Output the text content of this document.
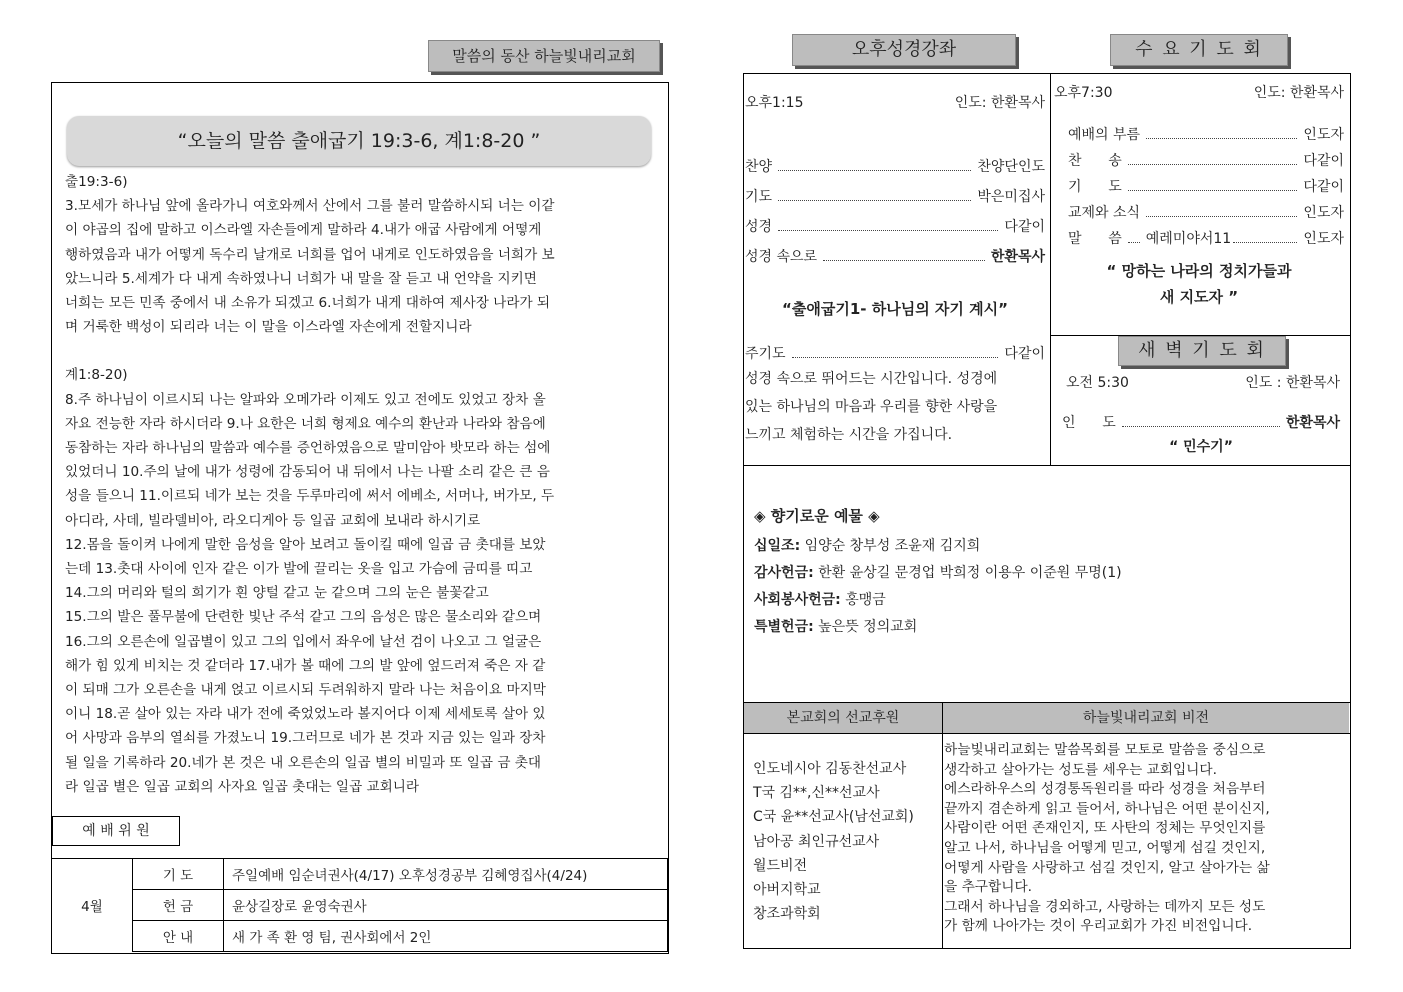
말씀의 동산 하늘빛내리교회
“오늘의 말씀 출애굽기 19:3-6, 계1:8-20 ”

출19:3-6)

3.모세가 하나님 앞에 올라가니 여호와께서 산에서 그를 불러 말씀하시되 너는 이같

이 야곱의 집에 말하고 이스라엘 자손들에게 말하라 4.내가 애굽 사람에게 어떻게

행하였음과 내가 어떻게 독수리 날개로 너희를 업어 내게로 인도하였음을 너희가 보

았느니라 5.세계가 다 내게 속하였나니 너희가 내 말을 잘 듣고 내 언약을 지키면

너희는 모든 민족 중에서 내 소유가 되겠고 6.너희가 내게 대하여 제사장 나라가 되

며 거룩한 백성이 되리라 너는 이 말을 이스라엘 자손에게 전할지니라

계1:8-20)

8.주 하나님이 이르시되 나는 알파와 오메가라 이제도 있고 전에도 있었고 장차 올

자요 전능한 자라 하시더라 9.나 요한은 너희 형제요 예수의 환난과 나라와 참음에

동참하는 자라 하나님의 말씀과 예수를 증언하였음으로 말미암아 밧모라 하는 섬에

있었더니 10.주의 날에 내가 성령에 감동되어 내 뒤에서 나는 나팔 소리 같은 큰 음

성을 들으니 11.이르되 네가 보는 것을 두루마리에 써서 에베소, 서머나, 버가모, 두

아디라, 사데, 빌라델비아, 라오디게아 등 일곱 교회에 보내라 하시기로

12.몸을 돌이켜 나에게 말한 음성을 알아 보려고 돌이킬 때에 일곱 금 촛대를 보았

는데 13.촛대 사이에 인자 같은 이가 발에 끌리는 옷을 입고 가슴에 금띠를 띠고

14.그의 머리와 털의 희기가 흰 양털 같고 눈 같으며 그의 눈은 불꽃같고

15.그의 발은 풀무불에 단련한 빛난 주석 같고 그의 음성은 많은 물소리와 같으며

16.그의 오른손에 일곱별이 있고 그의 입에서 좌우에 날선 검이 나오고 그 얼굴은

해가 힘 있게 비치는 것 같더라 17.내가 볼 때에 그의 발 앞에 엎드러져 죽은 자 같

이 되매 그가 오른손을 내게 얹고 이르시되 두려워하지 말라 나는 처음이요 마지막

이니 18.곧 살아 있는 자라 내가 전에 죽었었노라 볼지어다 이제 세세토록 살아 있

어 사망과 음부의 열쇠를 가졌노니 19.그러므로 네가 본 것과 지금 있는 일과 장차

될 일을 기록하라 20.네가 본 것은 내 오른손의 일곱 별의 비밀과 또 일곱 금 촛대

라 일곱 별은 일곱 교회의 사자요 일곱 촛대는 일곱 교회니라

예 배 위 원
4월	기 도	주일예배 임순녀권사(4/17) 오후성경공부 김혜영집사(4/24)
	헌 금	윤상길장로 윤영숙권사
	안 내	새 가 족 환 영 팀, 권사회에서 2인
오후성경강좌	수 요 기 도 회
오후1:15	인도: 한환목사
찬양	찬양단인도
기도	박은미집사
성경	다같이
성경 속으로	한환목사
“출애굽기1- 하나님의 자기 계시”
주기도	다같이

성경 속으로 뛰어드는 시간입니다. 성경에

있는 하나님의 마음과 우리를 향한 사랑을

느끼고 체험하는 시간을 가집니다.

오후7:30	인도: 한환목사
예배의 부름	인도자
찬      송	다같이
기      도	다같이
교제와 소식	인도자
말      씀 예레미야서11	인도자

“ 망하는 나라의 정치가들과

새 지도자 ”

새 벽 기 도 회
오전 5:30	인도 : 한환목사
인      도	한환목사
“ 민수기”
◈ 향기로운 예물 ◈
십일조: 임양순 창부성 조윤재 김지희
감사헌금: 한환 윤상길 문경업 박희정 이용우 이준원 무명(1)
사회봉사헌금: 홍맹금
특별헌금: 높은뜻 정의교회
본교회의 선교후원	하늘빛내리교회 비전

인도네시아 김동찬선교사

T국 김**,신**선교사

C국 윤**선교사(남선교회)

남아공 최인규선교사

월드비전

아버지학교

창조과학회

하늘빛내리교회는 말씀목회를 모토로 말씀을 중심으로

생각하고 살아가는 성도를 세우는 교회입니다.

에스라하우스의 성경통독원리를 따라 성경을 처음부터

끝까지 겸손하게 읽고 들어서, 하나님은 어떤 분이신지,

사람이란 어떤 존재인지, 또 사탄의 정체는 무엇인지를

알고 나서, 하나님을 어떻게 믿고, 어떻게 섬길 것인지,

어떻게 사람을 사랑하고 섬길 것인지, 알고 살아가는 삶

을 추구합니다.

그래서 하나님을 경외하고, 사랑하는 데까지 모든 성도

가 함께 나아가는 것이 우리교회가 가진 비전입니다.
